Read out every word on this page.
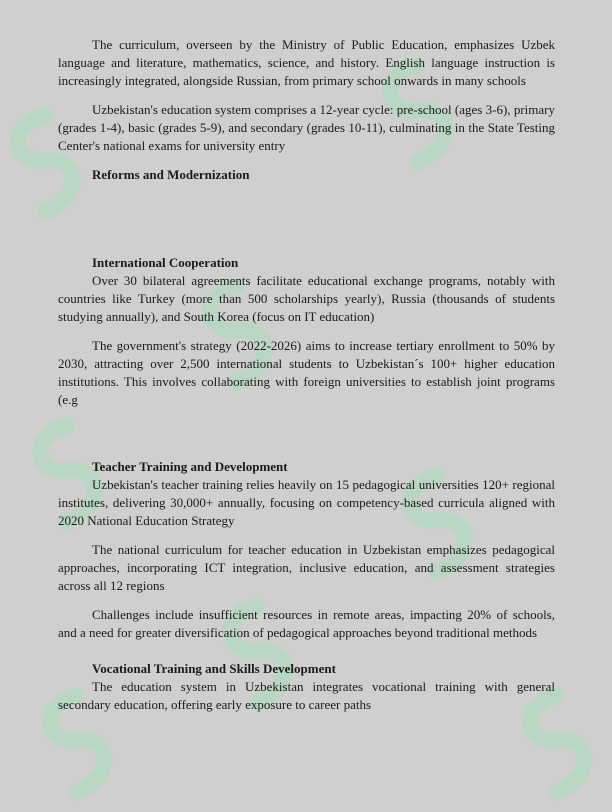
The curriculum, overseen by the Ministry of Public Education, emphasizes Uzbek language and literature, mathematics, science, and history. English language instruction is increasingly integrated, alongside Russian, from primary school onwards in many schools

Uzbekistan's education system comprises a 12-year cycle: pre-school (ages 3-6), primary (grades 1-4), basic (grades 5-9), and secondary (grades 10-11), culminating in the State Testing Center's national exams for university entry

Reforms and Modernization
International Cooperation

Over 30 bilateral agreements facilitate educational exchange programs, notably with countries like Turkey (more than 500 scholarships yearly), Russia (thousands of students studying annually), and South Korea (focus on IT education)

The government's strategy (2022-2026) aims to increase tertiary enrollment to 50% by 2030, attracting over 2,500 international students to Uzbekistan´s 100+ higher education institutions. This involves collaborating with foreign universities to establish joint programs (e.g

Teacher Training and Development

Uzbekistan's teacher training relies heavily on 15 pedagogical universities 120+ regional institutes, delivering 30,000+ annually, focusing on competency-based curricula aligned with 2020 National Education Strategy

The national curriculum for teacher education in Uzbekistan emphasizes pedagogical approaches, incorporating ICT integration, inclusive education, and assessment strategies across all 12 regions

Challenges include insufficient resources in remote areas, impacting 20% of schools, and a need for greater diversification of pedagogical approaches beyond traditional methods

Vocational Training and Skills Development

The education system in Uzbekistan integrates vocational training with general secondary education, offering early exposure to career paths
